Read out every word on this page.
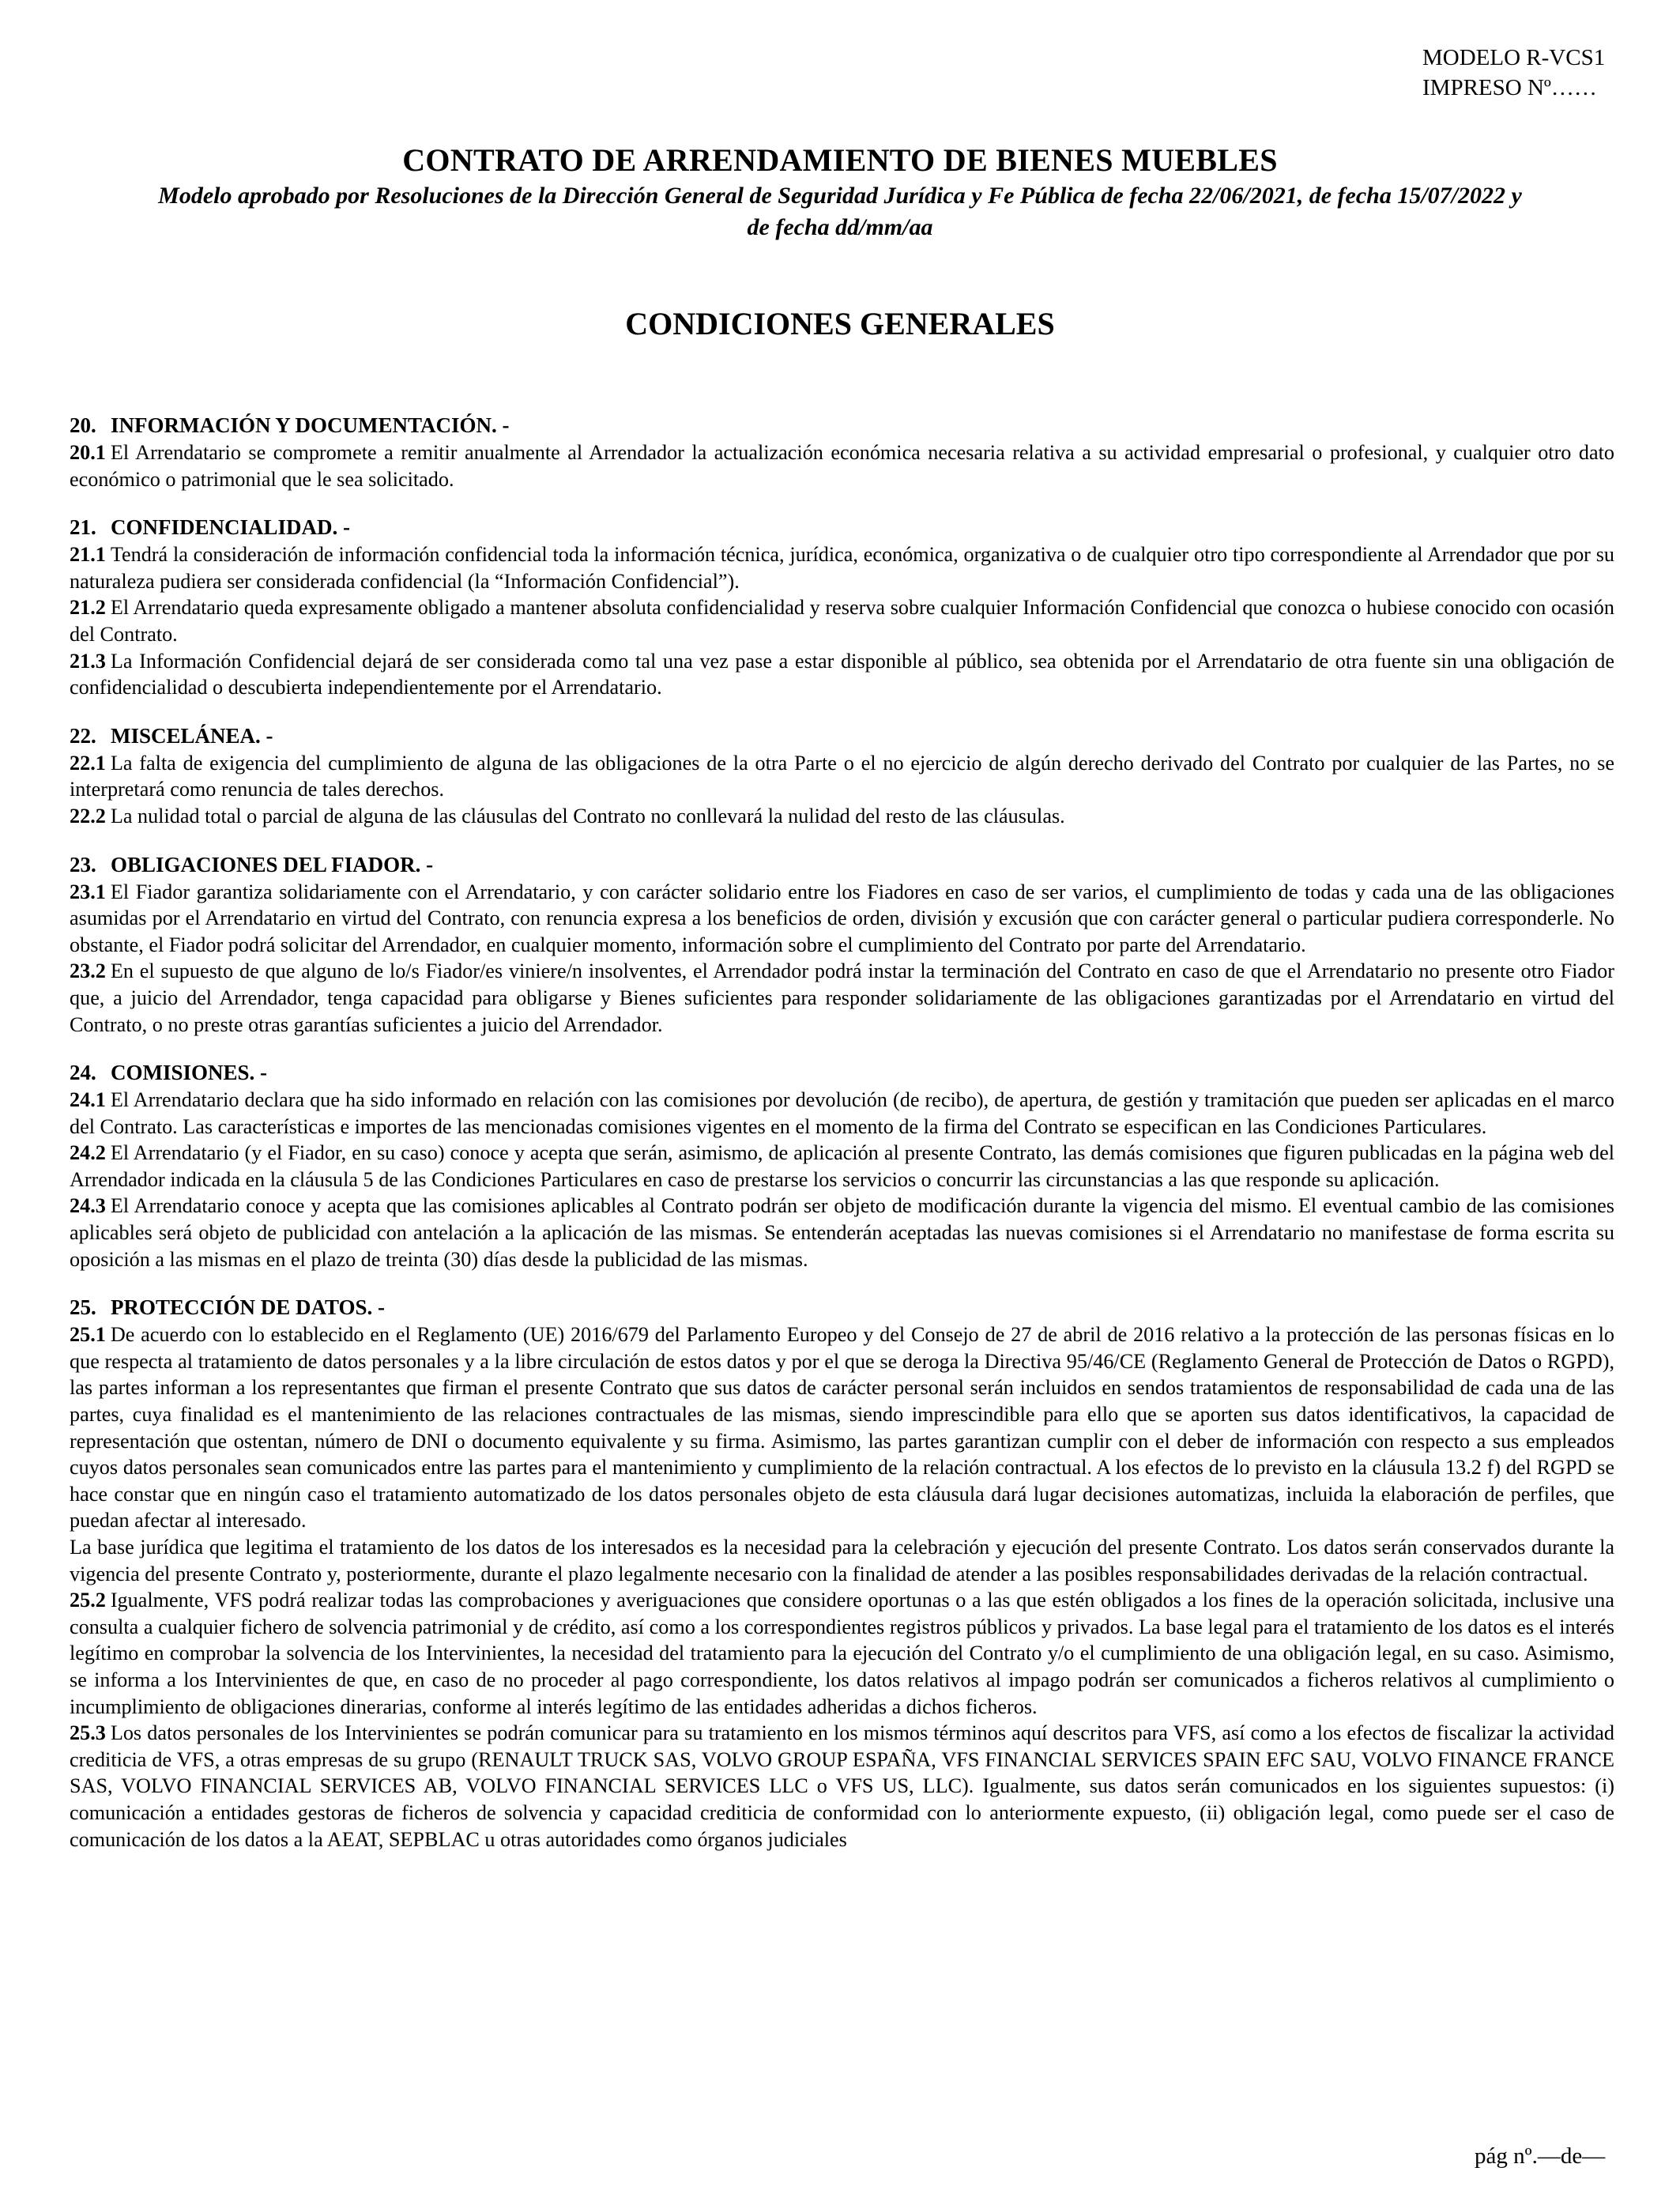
MODELO R-VCS1
IMPRESO Nº……
CONTRATO DE ARRENDAMIENTO DE BIENES MUEBLES
Modelo aprobado por Resoluciones de la Dirección General de Seguridad Jurídica y Fe Pública de fecha 22/06/2021, de fecha 15/07/2022 y de fecha dd/mm/aa
CONDICIONES GENERALES
20. INFORMACIÓN Y DOCUMENTACIÓN. -

20.1 El Arrendatario se compromete a remitir anualmente al Arrendador la actualización económica necesaria relativa a su actividad empresarial o profesional, y cualquier otro dato económico o patrimonial que le sea solicitado.

21. CONFIDENCIALIDAD. -

21.1 Tendrá la consideración de información confidencial toda la información técnica, jurídica, económica, organizativa o de cualquier otro tipo correspondiente al Arrendador que por su naturaleza pudiera ser considerada confidencial (la “Información Confidencial”).

21.2 El Arrendatario queda expresamente obligado a mantener absoluta confidencialidad y reserva sobre cualquier Información Confidencial que conozca o hubiese conocido con ocasión del Contrato.

21.3 La Información Confidencial dejará de ser considerada como tal una vez pase a estar disponible al público, sea obtenida por el Arrendatario de otra fuente sin una obligación de confidencialidad o descubierta independientemente por el Arrendatario.

22. MISCELÁNEA. -

22.1 La falta de exigencia del cumplimiento de alguna de las obligaciones de la otra Parte o el no ejercicio de algún derecho derivado del Contrato por cualquier de las Partes, no se interpretará como renuncia de tales derechos.

22.2 La nulidad total o parcial de alguna de las cláusulas del Contrato no conllevará la nulidad del resto de las cláusulas.

23. OBLIGACIONES DEL FIADOR. -

23.1 El Fiador garantiza solidariamente con el Arrendatario, y con carácter solidario entre los Fiadores en caso de ser varios, el cumplimiento de todas y cada una de las obligaciones asumidas por el Arrendatario en virtud del Contrato, con renuncia expresa a los beneficios de orden, división y excusión que con carácter general o particular pudiera corresponderle. No obstante, el Fiador podrá solicitar del Arrendador, en cualquier momento, información sobre el cumplimiento del Contrato por parte del Arrendatario.

23.2 En el supuesto de que alguno de lo/s Fiador/es viniere/n insolventes, el Arrendador podrá instar la terminación del Contrato en caso de que el Arrendatario no presente otro Fiador que, a juicio del Arrendador, tenga capacidad para obligarse y Bienes suficientes para responder solidariamente de las obligaciones garantizadas por el Arrendatario en virtud del Contrato, o no preste otras garantías suficientes a juicio del Arrendador.

24. COMISIONES. -

24.1 El Arrendatario declara que ha sido informado en relación con las comisiones por devolución (de recibo), de apertura, de gestión y tramitación que pueden ser aplicadas en el marco del Contrato. Las características e importes de las mencionadas comisiones vigentes en el momento de la firma del Contrato se especifican en las Condiciones Particulares.

24.2 El Arrendatario (y el Fiador, en su caso) conoce y acepta que serán, asimismo, de aplicación al presente Contrato, las demás comisiones que figuren publicadas en la página web del Arrendador indicada en la cláusula 5 de las Condiciones Particulares en caso de prestarse los servicios o concurrir las circunstancias a las que responde su aplicación.

24.3 El Arrendatario conoce y acepta que las comisiones aplicables al Contrato podrán ser objeto de modificación durante la vigencia del mismo. El eventual cambio de las comisiones aplicables será objeto de publicidad con antelación a la aplicación de las mismas. Se entenderán aceptadas las nuevas comisiones si el Arrendatario no manifestase de forma escrita su oposición a las mismas en el plazo de treinta (30) días desde la publicidad de las mismas.

25. PROTECCIÓN DE DATOS. -

25.1 De acuerdo con lo establecido en el Reglamento (UE) 2016/679 del Parlamento Europeo y del Consejo de 27 de abril de 2016 relativo a la protección de las personas físicas en lo que respecta al tratamiento de datos personales y a la libre circulación de estos datos y por el que se deroga la Directiva 95/46/CE (Reglamento General de Protección de Datos o RGPD), las partes informan a los representantes que firman el presente Contrato que sus datos de carácter personal serán incluidos en sendos tratamientos de responsabilidad de cada una de las partes, cuya finalidad es el mantenimiento de las relaciones contractuales de las mismas, siendo imprescindible para ello que se aporten sus datos identificativos, la capacidad de representación que ostentan, número de DNI o documento equivalente y su firma. Asimismo, las partes garantizan cumplir con el deber de información con respecto a sus empleados cuyos datos personales sean comunicados entre las partes para el mantenimiento y cumplimiento de la relación contractual. A los efectos de lo previsto en la cláusula 13.2 f) del RGPD se hace constar que en ningún caso el tratamiento automatizado de los datos personales objeto de esta cláusula dará lugar decisiones automatizas, incluida la elaboración de perfiles, que puedan afectar al interesado.

La base jurídica que legitima el tratamiento de los datos de los interesados es la necesidad para la celebración y ejecución del presente Contrato. Los datos serán conservados durante la vigencia del presente Contrato y, posteriormente, durante el plazo legalmente necesario con la finalidad de atender a las posibles responsabilidades derivadas de la relación contractual.

25.2 Igualmente, VFS podrá realizar todas las comprobaciones y averiguaciones que considere oportunas o a las que estén obligados a los fines de la operación solicitada, inclusive una consulta a cualquier fichero de solvencia patrimonial y de crédito, así como a los correspondientes registros públicos y privados. La base legal para el tratamiento de los datos es el interés legítimo en comprobar la solvencia de los Intervinientes, la necesidad del tratamiento para la ejecución del Contrato y/o el cumplimiento de una obligación legal, en su caso. Asimismo, se informa a los Intervinientes de que, en caso de no proceder al pago correspondiente, los datos relativos al impago podrán ser comunicados a ficheros relativos al cumplimiento o incumplimiento de obligaciones dinerarias, conforme al interés legítimo de las entidades adheridas a dichos ficheros.

25.3 Los datos personales de los Intervinientes se podrán comunicar para su tratamiento en los mismos términos aquí descritos para VFS, así como a los efectos de fiscalizar la actividad crediticia de VFS, a otras empresas de su grupo (RENAULT TRUCK SAS, VOLVO GROUP ESPAÑA, VFS FINANCIAL SERVICES SPAIN EFC SAU, VOLVO FINANCE FRANCE SAS, VOLVO FINANCIAL SERVICES AB, VOLVO FINANCIAL SERVICES LLC o VFS US, LLC). Igualmente, sus datos serán comunicados en los siguientes supuestos: (i) comunicación a entidades gestoras de ficheros de solvencia y capacidad crediticia de conformidad con lo anteriormente expuesto, (ii) obligación legal, como puede ser el caso de comunicación de los datos a la AEAT, SEPBLAC u otras autoridades como órganos judiciales

pág nº.—de—
